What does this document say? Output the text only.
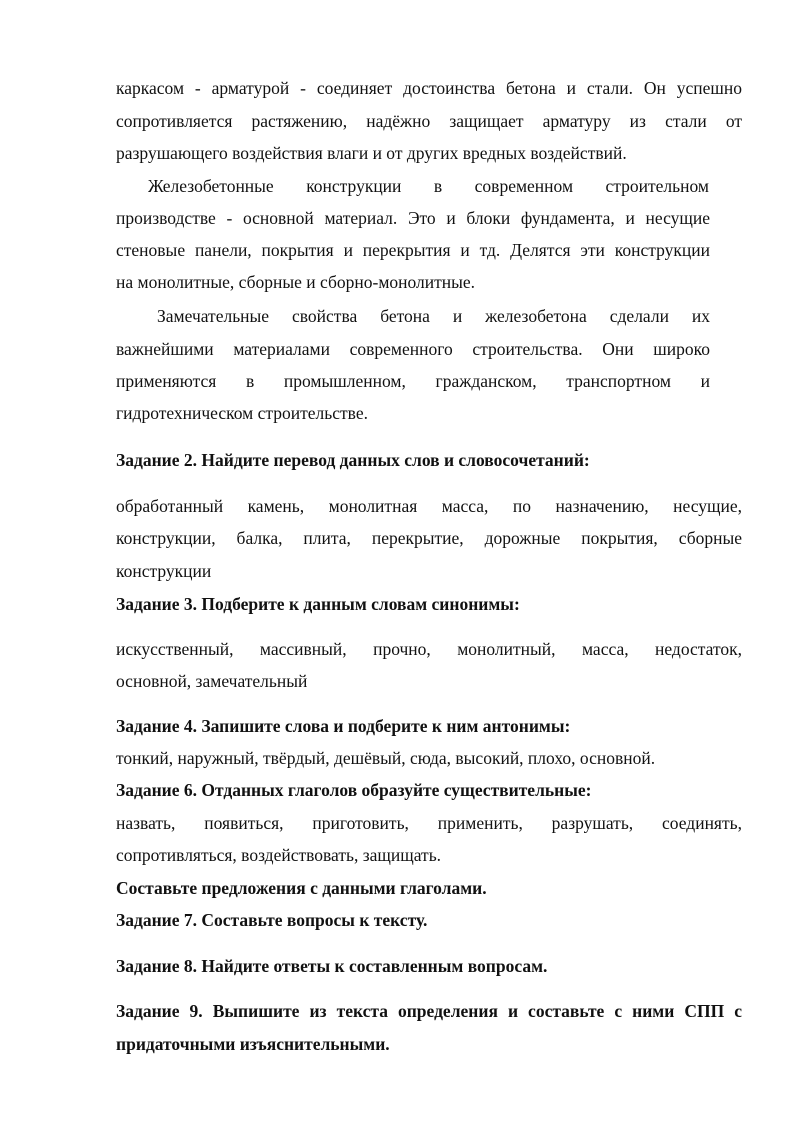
каркасом - арматурой - соединяет достоинства бетона и стали. Он успешно
сопротивляется растяжению, надёжно защищает арматуру из стали от
разрушающего воздействия влаги и от других вредных воздействий.
Железобетонные конструкции в современном строительном
производстве - основной материал. Это и блоки фундамента, и несущие
стеновые панели, покрытия и перекрытия и тд. Делятся эти конструкции
на монолитные, сборные и сборно-монолитные.
Замечательные свойства бетона и железобетона сделали их
важнейшими материалами современного строительства. Они широко
применяются в промышленном, гражданском, транспортном и
гидротехническом строительстве.
Задание 2. Найдите перевод данных слов и словосочетаний:
обработанный камень, монолитная масса, по назначению, несущие,
конструкции, балка, плита, перекрытие, дорожные покрытия, сборные
конструкции
Задание 3. Подберите к данным словам синонимы:
искусственный, массивный, прочно, монолитный, масса, недостаток,
основной, замечательный
Задание 4. Запишите слова и подберите к ним антонимы:
тонкий, наружный, твёрдый, дешёвый, сюда, высокий, плохо, основной.
Задание 6. Отданных глаголов образуйте существительные:
назвать, появиться, приготовить, применить, разрушать, соединять,
сопротивляться, воздействовать, защищать.
Составьте предложения с данными глаголами.
Задание 7. Составьте вопросы к тексту.
Задание 8. Найдите ответы к составленным вопросам.
Задание 9. Выпишите из текста определения и составьте с ними СПП с
придаточными изъяснительными.
